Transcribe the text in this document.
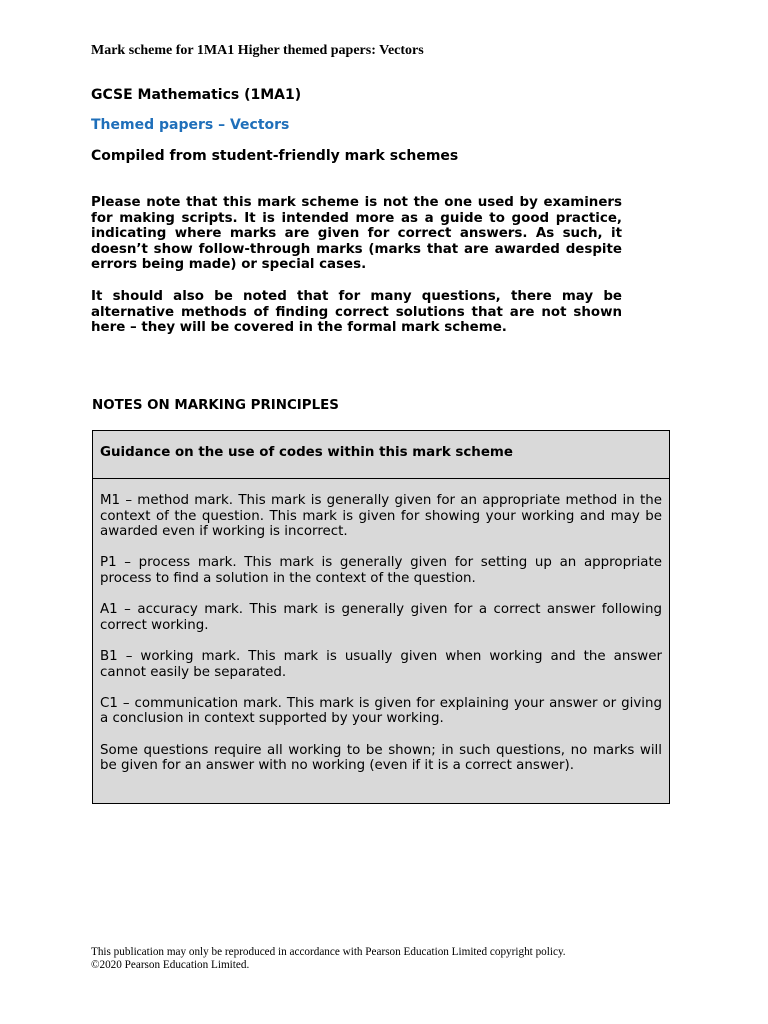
Mark scheme for 1MA1 Higher themed papers: Vectors
GCSE Mathematics (1MA1)
Themed papers – Vectors
Compiled from student-friendly mark schemes

Please note that this mark scheme is not the one used by examiners for making scripts. It is intended more as a guide to good practice, indicating where marks are given for correct answers. As such, it doesn’t show follow-through marks (marks that are awarded despite errors being made) or special cases.

It should also be noted that for many questions, there may be alternative methods of finding correct solutions that are not shown here – they will be covered in the formal mark scheme.

NOTES ON MARKING PRINCIPLES
Guidance on the use of codes within this mark scheme

M1 – method mark. This mark is generally given for an appropriate method in the context of the question. This mark is given for showing your working and may be awarded even if working is incorrect.

P1 – process mark. This mark is generally given for setting up an appropriate process to find a solution in the context of the question.

A1 – accuracy mark. This mark is generally given for a correct answer following correct working.

B1 – working mark. This mark is usually given when working and the answer cannot easily be separated.

C1 – communication mark. This mark is given for explaining your answer or giving a conclusion in context supported by your working.

Some questions require all working to be shown; in such questions, no marks will be given for an answer with no working (even if it is a correct answer).

This publication may only be reproduced in accordance with Pearson Education Limited copyright policy.
©2020 Pearson Education Limited.
